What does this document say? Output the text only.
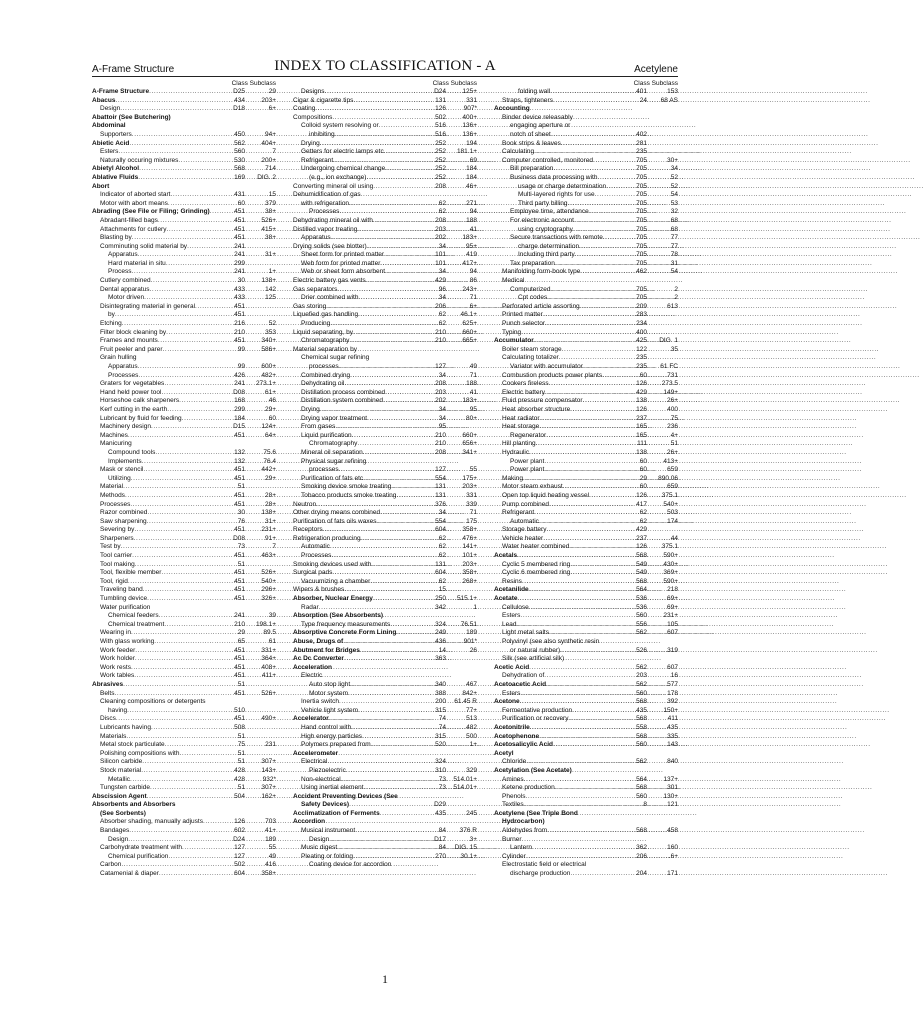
A-Frame Structure	INDEX TO CLASSIFICATION - A	Acetylene
Class Subclass
A-Frame Structure .....	D25	29
Abacus .....	434	203+
Design .....	D18	6+
Abattoir (See Butchering)
Abdominal
Supporters .....	450	94+
Abietic Acid .....	562	404+
Esters .....	560	7
Naturally occuring mixtures .....	530	200+
Abietyl Alcohol .....	568	714
Ablative Fluids .....	169	DIG. 2
Abort
Indicator of aborted start .....	431	15
Motor with abort means .....	60	379
Abrading (See File or Filing; Grinding) .....	451	38+
Abradant-filled bags .....	451	526+
Attachments for cutlery .....	451	415+
Blasting by .....	451	38+
Comminuting solid material by .....	241
Apparatus .....	241	31+
Hard material in situ .....	299
Process .....	241	1+
Cutlery combined .....	30	138+
Dental apparatus .....	433	142
Motor driven .....	433	125
Disintegrating material in general .....	451
by .....	451
Etching .....	216	52
Filter block cleaning by .....	210	353
Frames and mounts .....	451	340+
Fruit peeler and parer .....	99	586+
Grain hulling
Apparatus .....	99	600+
Processes .....	426	482+
Graters for vegetables .....	241	273.1+
Hand held power tool .....	D08	61+
Horseshoe calk sharpeners .....	168	46
Kerf cutting in the earth .....	299	29+
Lubricant by fluid for feeding .....	184	60
Machinery design .....	D15	124+
Machines .....	451	64+
Manicuring
Compound tools .....	132	75.6
Implements .....	132	76.4
Mask or stencil .....	451	442+
Utilizing .....	451	29+
Material .....	51
Methods .....	451	28+
Processes .....	451	28+
Razor combined .....	30	138+
Saw sharpening .....	76	31+
Severing by .....	451	231+
Sharpeners .....	D08	91+
Test by .....	73	7
Tool carrier .....	451	463+
Tool making .....	51
Tool, flexible member .....	451	526+
Tool, rigid .....	451	540+
Traveling band .....	451	296+
Tumbling device .....	451	326+
Water purification
Chemical feeders .....	241	39
Chemical treatment .....	210	198.1+
Wearing in .....	29	89.5
With glass working .....	65	61
Work feeder .....	451	331+
Work holder .....	451	364+
Work rests .....	451	408+
Work tables .....	451	411+
Abrasives .....	51
Belts .....	451	526+
Cleaning compositions or detergents
having .....	510
Discs .....	451	490+
Lubricants having .....	508
Materials .....	51
Metal stock particulate .....	75	231
Polishing compositions with .....	51
Silicon carbide .....	51	307+
Stock material .....	428	143+
Metallic .....	428	932*
Tungsten carbide .....	51	307+
Abscission Agent .....	504	162+
Absorbents and Absorbers
(See Sorbents)
Absorber shading, manually adjusts .....	126	703
Bandages .....	602	41+
Design .....	D24	189
Carbohydrate treatment with .....	127	55
Chemical purification .....	127	49
Carbon .....	502	416
Catamenial & diaper .....	604	358+
Class Subclass
Designs .....	D24	125+
Cigar & cigarette tips .....	131	331
Coating .....	126	907*
Compositions .....	502	400+
Colloid system resolving or .....	516	136+
inhibiting .....	516	136+
Drying .....	252	194
Getters for electric lamps etc .....	252	181.1+
Refrigerant .....	252	69
Undergoing chemical change .....	252	184
(e.g., ion exchange) .....	252	184
Converting mineral oil using .....	208	46+
Dehumidification of gas
with refrigeration .....	62	271
Processes .....	62	94
Dehydrating mineral oil with .....	208	188
Distilled vapor treating .....	203	41
Apparatus .....	202	183+
Drying solids (see blotter) .....	34	95+
Sheet form for printed matter .....	101	419
Web form for printed matter .....	101	417+
Web or sheet form absorbent .....	34	94
Electric battery gas vents .....	429	86
Gas separators .....	96	243+
Drier combined with .....	34	71
Gas storing .....	206	6+
Liquefied gas handling .....	62	46.1+
Producing .....	62	625+
Liquid separating, by .....	210	660+
Chromatography .....	210	665+
Material separation by
Chemical sugar refining
processes .....	127	49
Combined drying .....	34	71
Dehydrating oil .....	208	188
Distillation process combined .....	203	41
Distillation system combined .....	202	183+
Drying .....	34	95
Drying vapor treatment .....	34	80+
From gases .....	95
Liquid purification .....	210	660+
Chromatography .....	210	656+
Mineral oil separation .....	208	341+
Physical sugar refining
processes .....	127	55
Purification of fats etc .....	554	175+
Smoking device smoke treating .....	131	203+
Tobacco products smoke treating .....	131	331
Neutron .....	376	339
Other drying means combined .....	34	71
Purification of fats oils waxes .....	554	175
Receptors .....	604	358+
Refrigeration producing .....	62	476+
Automatic .....	62	141+
Processes .....	62	101+
Smoking devices used with .....	131	203+
Surgical pads .....	604	358+
Vacuumizing a chamber .....	62	268+
Wipers & brushes .....	15
Absorber, Nuclear Energy .....	250	515.1+
Radar .....	342	1
Absorption (See Absorbents)
Type frequency measurements .....	324	76.51
Absorptive Concrete Form Lining .....	249	189
Abuse, Drugs of .....	436	901*
Abutment for Bridges .....	14	26
Ac Dc Converter .....	363
Acceleration
Electric
Auto stop light .....	340	467
Motor system .....	388	842+
Inertia switch .....	200	61.45 R
Vehicle light system .....	315	77+
Accelerator .....	74	513
Hand control with .....	74	482
High energy particles .....	315	500
Polymers prepared from .....	520	1+
Accelerometer
Electrical .....	324
Piezoelectric .....	310	329
Non-electrical .....	73	514.01+
Using inertial element .....	73	514.01+
Accident Preventing Devices (See
Safety Devices) .....	D29
Acclimatization of Ferments .....	435	245
Accordion
Musical instrument .....	84	376 R
Design .....	D17	3+
Music digest .....	84	DIG. 15
Pleating or folding .....	270	30.1+
Coating device for accordion
Class Subclass
folding wall .....	401	153
Straps, tighteners .....	24	68 AS
Accounting
Binder device releasably
engaging aperture or
notch of sheet .....	402
Book strips & leaves .....	281
Calculating .....	235
Computer controlled, monitored .....	705	30+
Bill preparation .....	705	34
Business data processing with .....	705	52
usage or charge determination .....	705	52
Multi-layered rights for use .....	705	54
Third party billing .....	705	53
Employee time, attendance .....	705	32
For electronic account .....	705	68
using cryptography .....	705	68
Secure transactions with remote .....	705	77
charge determination .....	705	77
Including third party .....	705	78
Tax preparation .....	705	31
Manifolding form-book type .....	462	54
Medical
Computerized .....	705	2
Cpt codes .....	705	2
Perforated article assorting .....	209	613
Printed matter .....	283
Punch selector .....	234
Typing .....	400
Accumulator .....	425	DIG. 1
Boiler steam storage .....	122	35
Calculating totalizer .....	235
Variator with accumulator .....	235	61 FC
Combustion products power plants .....	60	731
Cookers fireless .....	126	273.5
Electric battery .....	429	149+
Fluid pressure compensator .....	138	26+
Heat absorber structure .....	126	400
Heat radiator .....	237	75
Heat storage .....	165	236
Regenerator .....	165	4+
Hill planting .....	111	51
Hydraulic .....	138	26+
Power plant .....	60	413+
Power plant .....	60	659
Making .....	29	890.06
Motor steam exhaust .....	60	659
Open top liquid heating vessel .....	126	375.1
Pump combined .....	417	540+
Refrigerant .....	62	503
Automatic .....	62	174
Storage battery .....	429
Vehicle heater .....	237	44
Water heater combined .....	126	375.1
Acetals .....	568	590+
Cyclic 5 membered ring .....	549	430+
Cyclic 6 membered ring .....	549	369+
Resins .....	568	590+
Acetanilide .....	564	218
Acetate .....	536	69+
Cellulose .....	536	69+
Esters .....	560	231+
Lead .....	556	105
Light metal salts .....	562	607
Polyvinyl (see also synthetic resin
or natural rubber) .....	526	319
Silk (see artificial silk)
Acetic Acid .....	562	607
Dehydration of .....	203	16
Acetoacetic Acid .....	562	577
Esters .....	560	178
Acetone .....	568	392
Fermentative production .....	435	150+
Purification or recovery .....	568	411
Acetonitrile .....	558	435
Acetophenone .....	568	335
Acetosalicylic Acid .....	560	143
Acetyl
Chloride .....	562	840
Acetylation (See Acetate)
Amines .....	564	137+
Ketene production .....	568	301
Phenols .....	560	130+
Textiles .....	8	121
Acetylene (See Triple Bond
Hydrocarbon)
Aldehydes from .....	568	458
Burner
Lantern .....	362	160
Cylinder .....	206	.6+
Electrostatic field or electrical
discharge production .....	204	171
1
